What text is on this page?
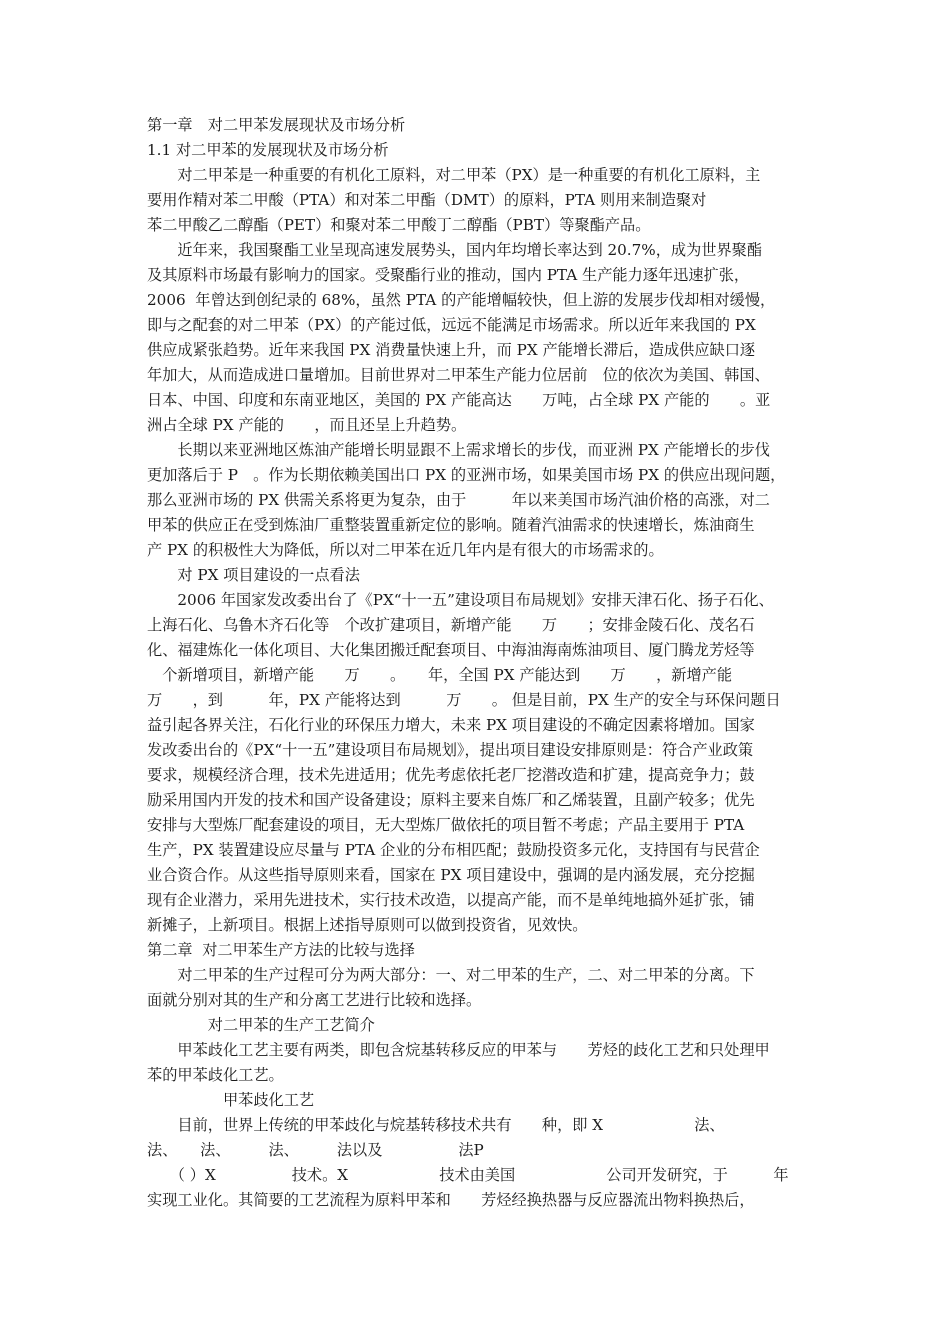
第一章　对二甲苯发展现状及市场分析
1.1 对二甲苯的发展现状及市场分析
　　对二甲苯是一种重要的有机化工原料，对二甲苯（PX）是一种重要的有机化工原料，主
要用作精对苯二甲酸（PTA）和对苯二甲酯（DMT）的原料，PTA 则用来制造聚对
苯二甲酸乙二醇酯（PET）和聚对苯二甲酸丁二醇酯（PBT）等聚酯产品。
　　近年来，我国聚酯工业呈现高速发展势头，国内年均增长率达到 20.7%，成为世界聚酯
及其原料市场最有影响力的国家。受聚酯行业的推动，国内 PTA 生产能力逐年迅速扩张，
2006  年曾达到创纪录的 68%，虽然 PTA 的产能增幅较快，但上游的发展步伐却相对缓慢，
即与之配套的对二甲苯（PX）的产能过低，远远不能满足市场需求。所以近年来我国的 PX
供应成紧张趋势。近年来我国 PX 消费量快速上升，而 PX 产能增长滞后，造成供应缺口逐
年加大，从而造成进口量增加。目前世界对二甲苯生产能力位居前　位的依次为美国、韩国、
日本、中国、印度和东南亚地区，美国的 PX 产能高达　　万吨，占全球 PX 产能的　　。亚
洲占全球 PX 产能的　　，而且还呈上升趋势。
　　长期以来亚洲地区炼油产能增长明显跟不上需求增长的步伐，而亚洲 PX 产能增长的步伐
更加落后于 P　。作为长期依赖美国出口 PX 的亚洲市场，如果美国市场 PX 的供应出现问题，
那么亚洲市场的 PX 供需关系将更为复杂，由于　　　年以来美国市场汽油价格的高涨，对二
甲苯的供应正在受到炼油厂重整装置重新定位的影响。随着汽油需求的快速增长，炼油商生
产 PX 的积极性大为降低，所以对二甲苯在近几年内是有很大的市场需求的。
　　对 PX 项目建设的一点看法
　　2006 年国家发改委出台了《PX“十一五”建设项目布局规划》安排天津石化、扬子石化、
上海石化、乌鲁木齐石化等　个改扩建项目，新增产能　　万　　；安排金陵石化、茂名石
化、福建炼化一体化项目、大化集团搬迁配套项目、中海油海南炼油项目、厦门腾龙芳烃等
　个新增项目，新增产能　　万　　。　　年，全国 PX 产能达到　　万　　，新增产能
万　　，到　　　年，PX 产能将达到　　　万　　。 但是目前，PX 生产的安全与环保问题日
益引起各界关注，石化行业的环保压力增大，未来 PX 项目建设的不确定因素将增加。国家
发改委出台的《PX“十一五”建设项目布局规划》，提出项目建设安排原则是：符合产业政策
要求，规模经济合理，技术先进适用；优先考虑依托老厂挖潜改造和扩建，提高竞争力；鼓
励采用国内开发的技术和国产设备建设；原料主要来自炼厂和乙烯装置，且副产较多；优先
安排与大型炼厂配套建设的项目，无大型炼厂做依托的项目暂不考虑；产品主要用于 PTA
生产，PX 装置建设应尽量与 PTA 企业的分布相匹配；鼓励投资多元化，支持国有与民营企
业合资合作。从这些指导原则来看，国家在 PX 项目建设中，强调的是内涵发展，充分挖掘
现有企业潜力，采用先进技术，实行技术改造，以提高产能，而不是单纯地搞外延扩张，铺
新摊子，上新项目。根据上述指导原则可以做到投资省，见效快。
第二章  对二甲苯生产方法的比较与选择
　　对二甲苯的生产过程可分为两大部分：一、对二甲苯的生产，二、对二甲苯的分离。下
面就分别对其的生产和分离工艺进行比较和选择。
　　　　对二甲苯的生产工艺简介
　　甲苯歧化工艺主要有两类，即包含烷基转移反应的甲苯与　　芳烃的歧化工艺和只处理甲
苯的甲苯歧化工艺。
　　　　　甲苯歧化工艺
　　目前，世界上传统的甲苯歧化与烷基转移技术共有　　种，即 X　　　　　　法、
法、　　法、　　　法、　　　法以及　　　　　法P
　　（ ）X　　　　　技术。X　　　　　　技术由美国　　　　　　公司开发研究，于　　　年
实现工业化。其简要的工艺流程为原料甲苯和　　芳烃经换热器与反应器流出物料换热后，
